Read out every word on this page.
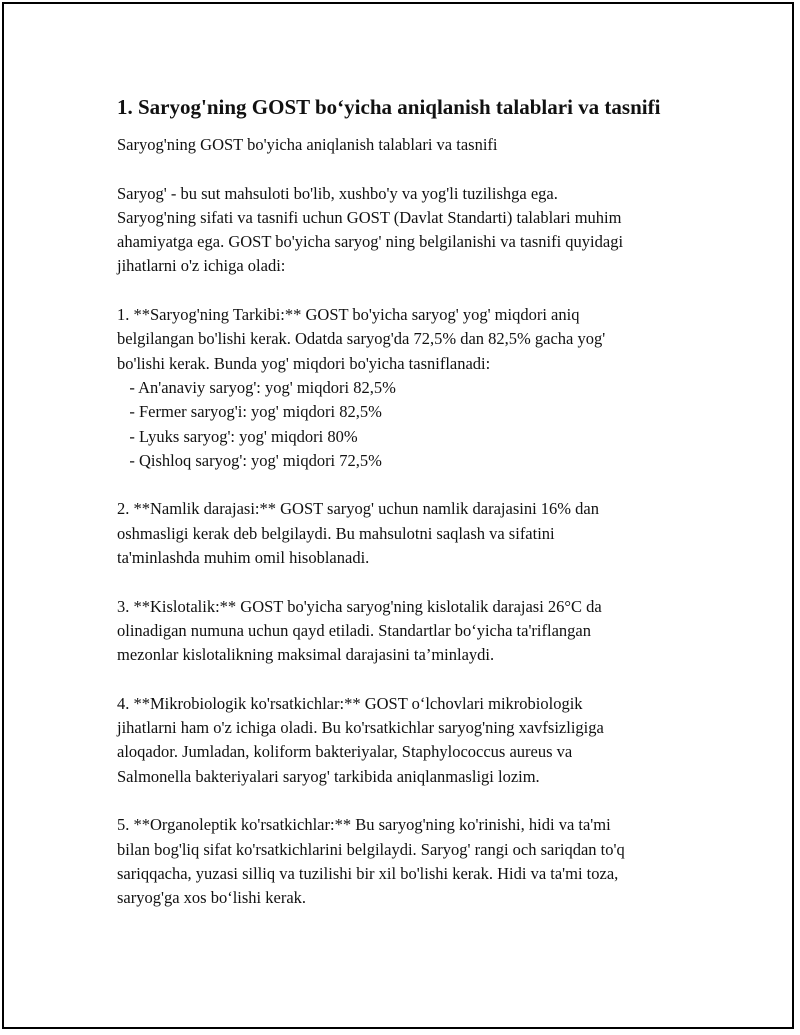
1. Saryog'ning GOST bo‘yicha aniqlanish talablari va tasnifi
Saryog'ning GOST bo'yicha aniqlanish talablari va tasnifi
Saryog' - bu sut mahsuloti bo'lib, xushbo'y va yog'li tuzilishga ega.
Saryog'ning sifati va tasnifi uchun GOST (Davlat Standarti) talablari muhim
ahamiyatga ega. GOST bo'yicha saryog' ning belgilanishi va tasnifi quyidagi
jihatlarni o'z ichiga oladi:
1. **Saryog'ning Tarkibi:** GOST bo'yicha saryog' yog' miqdori aniq
belgilangan bo'lishi kerak. Odatda saryog'da 72,5% dan 82,5% gacha yog'
bo'lishi kerak. Bunda yog' miqdori bo'yicha tasniflanadi:
- An'anaviy saryog': yog' miqdori 82,5%
- Fermer saryog'i: yog' miqdori 82,5%
- Lyuks saryog': yog' miqdori 80%
- Qishloq saryog': yog' miqdori 72,5%
2. **Namlik darajasi:** GOST saryog' uchun namlik darajasini 16% dan
oshmasligi kerak deb belgilaydi. Bu mahsulotni saqlash va sifatini
ta'minlashda muhim omil hisoblanadi.
3. **Kislotalik:** GOST bo'yicha saryog'ning kislotalik darajasi 26°C da
olinadigan numuna uchun qayd etiladi. Standartlar bo‘yicha ta'riflangan
mezonlar kislotalikning maksimal darajasini ta’minlaydi.
4. **Mikrobiologik ko'rsatkichlar:** GOST o‘lchovlari mikrobiologik
jihatlarni ham o'z ichiga oladi. Bu ko'rsatkichlar saryog'ning xavfsizligiga
aloqador. Jumladan, koliform bakteriyalar, Staphylococcus aureus va
Salmonella bakteriyalari saryog' tarkibida aniqlanmasligi lozim.
5. **Organoleptik ko'rsatkichlar:** Bu saryog'ning ko'rinishi, hidi va ta'mi
bilan bog'liq sifat ko'rsatkichlarini belgilaydi. Saryog' rangi och sariqdan to'q
sariqqacha, yuzasi silliq va tuzilishi bir xil bo'lishi kerak. Hidi va ta'mi toza,
saryog'ga xos bo‘lishi kerak.
